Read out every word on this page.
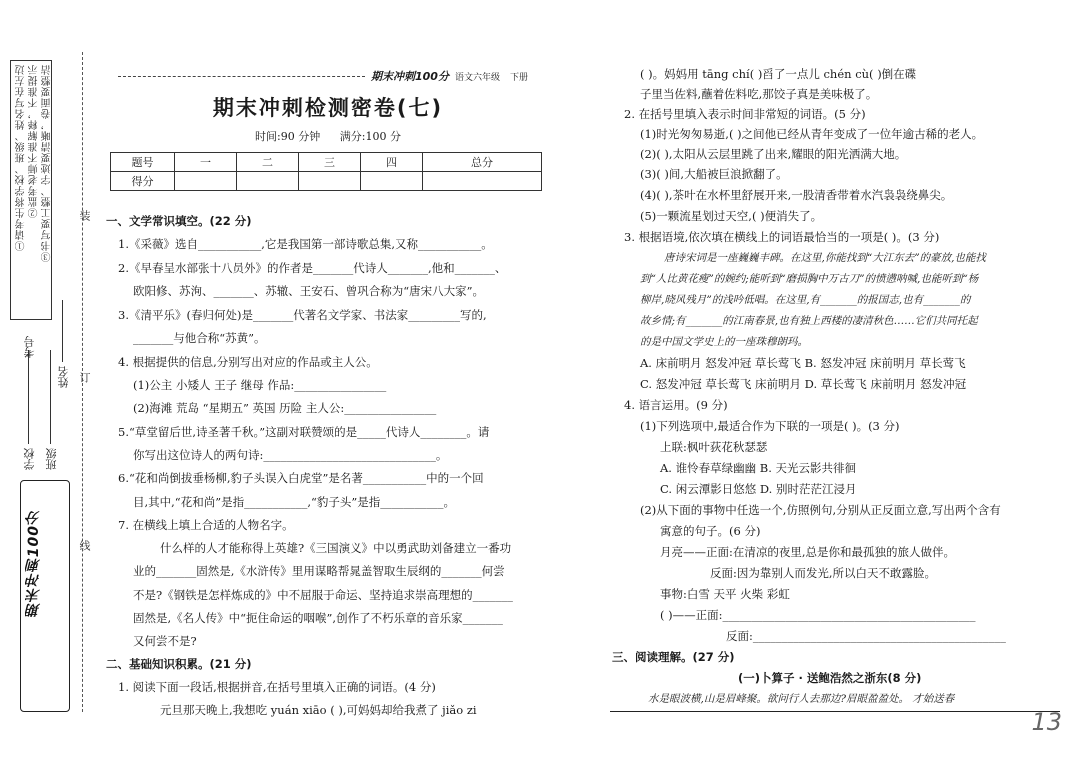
①请考生将学校、班级、姓名写在左边 ②监考老师不准解释，不准提示 ③书写要工整、字迹要清晰，卷面要整洁
学校 班级
姓名
考号
装
订
线
期末冲刺100分
期末冲刺100分 语文六年级 下册
期末冲刺检测密卷(七)
时间:90 分钟 满分:100 分
题号	一	二	三	四	总分
得分					
一、文学常识填空。(22 分)
1.《采薇》选自___________,它是我国第一部诗歌总集,又称___________。
2.《早春呈水部张十八员外》的作者是_______代诗人_______,他和_______、
欧阳修、苏洵、_______、苏辙、王安石、曾巩合称为“唐宋八大家”。
3.《清平乐》(春归何处)是_______代著名文学家、书法家_________写的,
_______与他合称“苏黄”。
4. 根据提供的信息,分别写出对应的作品或主人公。
(1)公主 小矮人 王子 继母 作品:________________
(2)海滩 荒岛 “星期五” 英国 历险 主人公:________________
5.“草堂留后世,诗圣著千秋。”这副对联赞颂的是_____代诗人________。请
你写出这位诗人的两句诗:______________________________。
6.“花和尚倒拔垂杨柳,豹子头误入白虎堂”是名著___________中的一个回
目,其中,“花和尚”是指___________,“豹子头”是指___________。
7. 在横线上填上合适的人物名字。
什么样的人才能称得上英雄?《三国演义》中以勇武助刘备建立一番功
业的_______固然是,《水浒传》里用谋略帮晁盖智取生辰纲的_______何尝
不是?《钢铁是怎样炼成的》中不屈服于命运、坚持追求崇高理想的_______
固然是,《名人传》中“扼住命运的咽喉”,创作了不朽乐章的音乐家_______
又何尝不是?
二、基础知识积累。(21 分)
1. 阅读下面一段话,根据拼音,在括号里填入正确的词语。(4 分)
元旦那天晚上,我想吃 yuán xiāo ( ),可妈妈却给我煮了 jiǎo zi
( )。妈妈用 tāng chí( )舀了一点儿 chén cù( )倒在碟
子里当佐料,蘸着佐料吃,那饺子真是美味极了。
2. 在括号里填入表示时间非常短的词语。(5 分)
(1)时光匆匆易逝,( )之间他已经从青年变成了一位年逾古稀的老人。
(2)( ),太阳从云层里跳了出来,耀眼的阳光洒满大地。
(3)( )间,大船被巨浪掀翻了。
(4)( ),茶叶在水杯里舒展开来,一股清香带着水汽袅袅绕鼻尖。
(5)一颗流星划过天空,( )便消失了。
3. 根据语境,依次填在横线上的词语最恰当的一项是( )。(3 分)
唐诗宋词是一座巍巍丰碑。在这里,你能找到“大江东去”的豪放,也能找
到“人比黄花瘦”的婉约;能听到“磨损胸中万古刀”的愤懑呐喊,也能听到“杨
柳岸,晓风残月”的浅吟低唱。在这里,有_______的报国志,也有_______的
故乡情;有_______的江南春景,也有独上西楼的凄清秋色……它们共同托起
的是中国文学史上的一座珠穆朗玛。
A. 床前明月 怒发冲冠 草长莺飞 B. 怒发冲冠 床前明月 草长莺飞
C. 怒发冲冠 草长莺飞 床前明月 D. 草长莺飞 床前明月 怒发冲冠
4. 语言运用。(9 分)
(1)下列选项中,最适合作为下联的一项是( )。(3 分)
上联:枫叶荻花秋瑟瑟
A. 谁怜春草绿幽幽 B. 天光云影共徘徊
C. 闲云潭影日悠悠 D. 别时茫茫江浸月
(2)从下面的事物中任选一个,仿照例句,分别从正反面立意,写出两个含有
寓意的句子。(6 分)
月亮——正面:在清凉的夜里,总是你和最孤独的旅人做伴。
反面:因为靠别人而发光,所以白天不敢露脸。
事物:白雪 天平 火柴 彩虹
( )——正面:____________________________________________
反面:____________________________________________
三、阅读理解。(27 分)
(一)卜算子 · 送鲍浩然之浙东(8 分)
水是眼波横,山是眉峰聚。欲问行人去那边?眉眼盈盈处。 才始送春
13
